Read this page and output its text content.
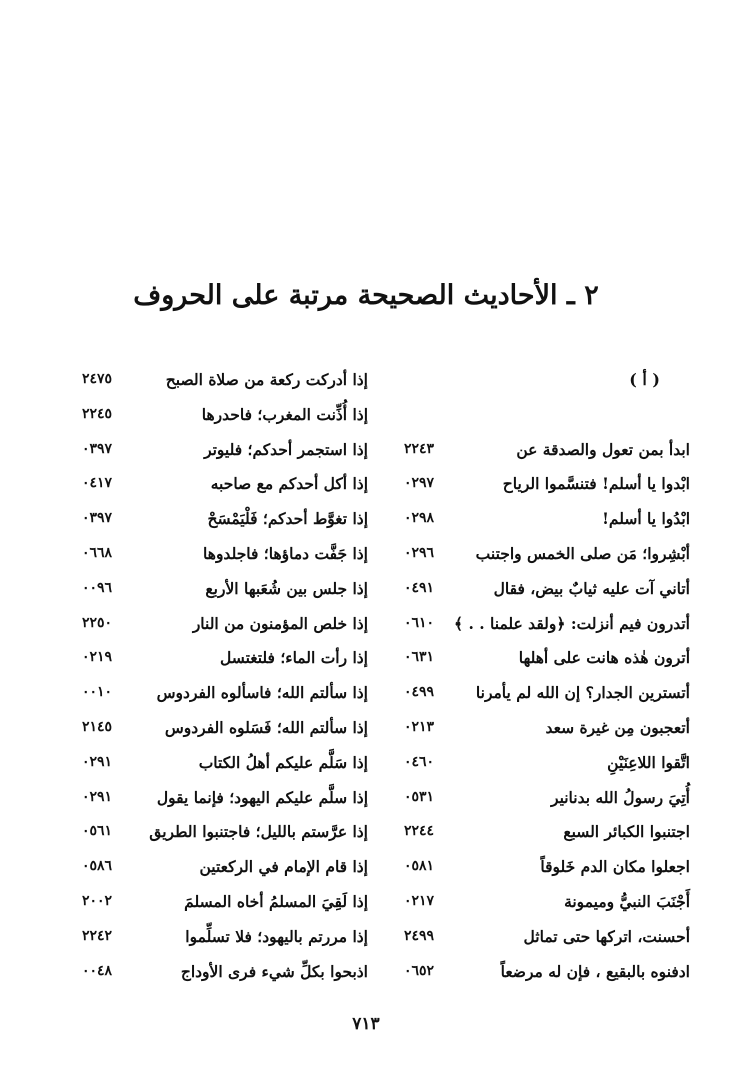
٢ ـ الأحاديث الصحيحة مرتبة على الحروف
( أ )
ابدأ بمن تعول والصدقة عن
٢٢٤٣
ابْدوا يا أسلم! فتنسَّموا الرياح
٠٢٩٧
ابْدُوا يا أسلم!
٠٢٩٨
أبْشِروا؛ مَن صلى الخمس واجتنب
٠٢٩٦
أتاني آت عليه ثيابٌ بيض، فقال
٠٤٩١
أتدرون فيم أنزلت: ﴿ولقد علمنا . . ﴾
٠٦١٠
أترون هٰذه هانت على أهلها
٠٦٣١
أتسترين الجدار؟ إن الله لم يأمرنا
٠٤٩٩
أتعجبون مِن غيرة سعد
٠٢١٣
اتَّقوا اللاعِنَيْنِ
٠٤٦٠
أُتِيَ رسولُ الله بدنانير
٠٥٣١
اجتنبوا الكبائر السبع
٢٢٤٤
اجعلوا مكان الدم خَلوقاً
٠٥٨١
أَجْنَبَ النبيُّ وميمونة
٠٢١٧
أحسنت، اتركها حتى تماثل
٢٤٩٩
ادفنوه بالبقيع ، فإن له مرضعاً
٠٦٥٢
إذا أدركت ركعة من صلاة الصبح
٢٤٧٥
إذا أُذِّنت المغرب؛ فاحدرها
٢٢٤٥
إذا استجمر أحدكم؛ فليوتر
٠٣٩٧
إذا أكل أحدكم مع صاحبه
٠٤١٧
إذا تغوَّط أحدكم؛ فَلْيَمْسَحْ
٠٣٩٧
إذا جَفَّت دماؤها؛ فاجلدوها
٠٦٦٨
إذا جلس بين شُعَبها الأربع
٠٠٩٦
إذا خلص المؤمنون من النار
٢٢٥٠
إذا رأت الماء؛ فلتغتسل
٠٢١٩
إذا سألتم الله؛ فاسألوه الفردوس
٠٠١٠
إذا سألتم الله؛ فَسَلوه الفردوس
٢١٤٥
إذا سَلَّم عليكم أهلُ الكتاب
٠٢٩١
إذا سلَّم عليكم اليهود؛ فإنما يقول
٠٢٩١
إذا عرَّستم بالليل؛ فاجتنبوا الطريق
٠٥٦١
إذا قام الإمام في الركعتين
٠٥٨٦
إذا لَقِيَ المسلمُ أخاه المسلمَ
٢٠٠٢
إذا مررتم باليهود؛ فلا تسلِّموا
٢٢٤٢
اذبحوا بكلِّ شيء فرى الأوداج
٠٠٤٨
٧١٣
